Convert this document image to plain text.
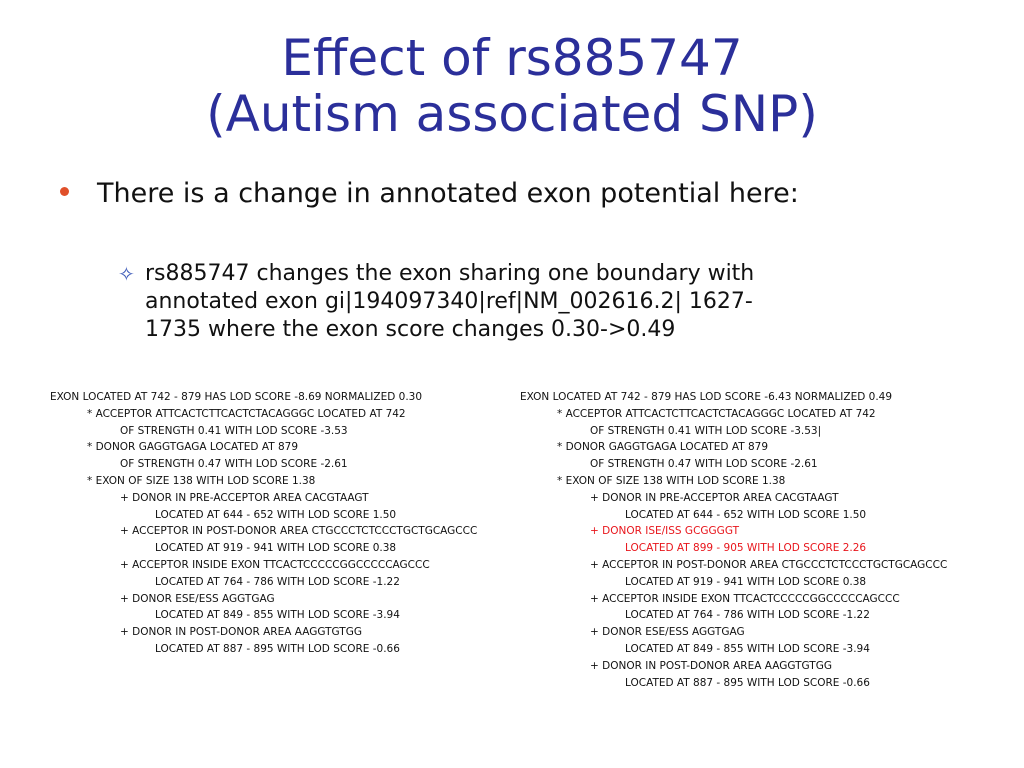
Effect of rs885747
(Autism associated SNP)
There is a change in annotated exon potential here:
✧ rs885747 changes the exon sharing one boundary with
annotated exon gi|194097340|ref|NM_002616.2| 1627-
1735 where the exon score changes 0.30->0.49
EXON LOCATED AT 742 - 879 HAS LOD SCORE -8.69 NORMALIZED 0.30
* ACCEPTOR ATTCACTCTTCACTCTACAGGGC LOCATED AT 742
OF STRENGTH 0.41 WITH LOD SCORE -3.53
* DONOR GAGGTGAGA LOCATED AT 879
OF STRENGTH 0.47 WITH LOD SCORE -2.61
* EXON OF SIZE 138 WITH LOD SCORE 1.38
+ DONOR IN PRE-ACCEPTOR AREA CACGTAAGT
LOCATED AT 644 - 652 WITH LOD SCORE 1.50
+ ACCEPTOR IN POST-DONOR AREA CTGCCCTCTCCCTGCTGCAGCCC
LOCATED AT 919 - 941 WITH LOD SCORE 0.38
+ ACCEPTOR INSIDE EXON TTCACTCCCCCGGCCCCCAGCCC
LOCATED AT 764 - 786 WITH LOD SCORE -1.22
+ DONOR ESE/ESS AGGTGAG
LOCATED AT 849 - 855 WITH LOD SCORE -3.94
+ DONOR IN POST-DONOR AREA AAGGTGTGG
LOCATED AT 887 - 895 WITH LOD SCORE -0.66
EXON LOCATED AT 742 - 879 HAS LOD SCORE -6.43 NORMALIZED 0.49
* ACCEPTOR ATTCACTCTTCACTCTACAGGGC LOCATED AT 742
OF STRENGTH 0.41 WITH LOD SCORE -3.53|
* DONOR GAGGTGAGA LOCATED AT 879
OF STRENGTH 0.47 WITH LOD SCORE -2.61
* EXON OF SIZE 138 WITH LOD SCORE 1.38
+ DONOR IN PRE-ACCEPTOR AREA CACGTAAGT
LOCATED AT 644 - 652 WITH LOD SCORE 1.50
+ DONOR ISE/ISS GCGGGGT
LOCATED AT 899 - 905 WITH LOD SCORE 2.26
+ ACCEPTOR IN POST-DONOR AREA CTGCCCTCTCCCTGCTGCAGCCC
LOCATED AT 919 - 941 WITH LOD SCORE 0.38
+ ACCEPTOR INSIDE EXON TTCACTCCCCCGGCCCCCAGCCC
LOCATED AT 764 - 786 WITH LOD SCORE -1.22
+ DONOR ESE/ESS AGGTGAG
LOCATED AT 849 - 855 WITH LOD SCORE -3.94
+ DONOR IN POST-DONOR AREA AAGGTGTGG
LOCATED AT 887 - 895 WITH LOD SCORE -0.66
